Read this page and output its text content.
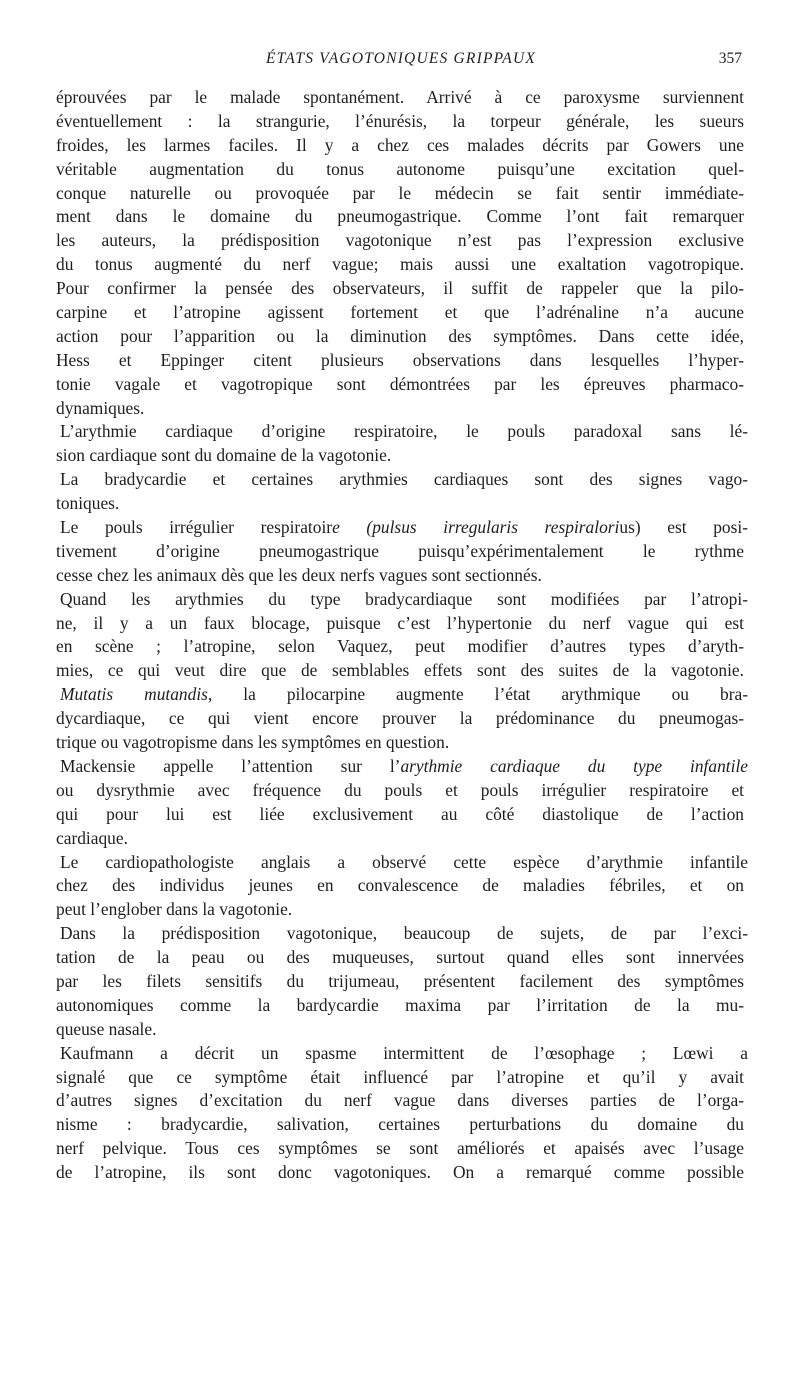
ÉTATS VAGOTONIQUES GRIPPAUX	357
éprouvées par le malade spontanément. Arrivé à ce paroxysme surviennent
éventuellement : la strangurie, l’énurésis, la torpeur générale, les sueurs
froides, les larmes faciles. Il y a chez ces malades décrits par Gowers une
véritable augmentation du tonus autonome puisqu’une excitation quel-
conque naturelle ou provoquée par le médecin se fait sentir immédiate-
ment dans le domaine du pneumogastrique. Comme l’ont fait remarquer
les auteurs, la prédisposition vagotonique n’est pas l’expression exclusive
du tonus augmenté du nerf vague; mais aussi une exaltation vagotropique.
Pour confirmer la pensée des observateurs, il suffit de rappeler que la pilo-
carpine et l’atropine agissent fortement et que l’adrénaline n’a aucune
action pour l’apparition ou la diminution des symptômes. Dans cette idée,
Hess et Eppinger citent plusieurs observations dans lesquelles l’hyper-
tonie vagale et vagotropique sont démontrées par les épreuves pharmaco-
dynamiques.
L’arythmie cardiaque d’origine respiratoire, le pouls paradoxal sans lé-
sion cardiaque sont du domaine de la vagotonie.
La bradycardie et certaines arythmies cardiaques sont des signes vago-
toniques.
Le pouls irrégulier respiratoire (pulsus irregularis respiralorius) est posi-
tivement d’origine pneumogastrique puisqu’expérimentalement le rythme
cesse chez les animaux dès que les deux nerfs vagues sont sectionnés.
Quand les arythmies du type bradycardiaque sont modifiées par l’atropi-
ne, il y a un faux blocage, puisque c’est l’hypertonie du nerf vague qui est
en scène ; l’atropine, selon Vaquez, peut modifier d’autres types d’aryth-
mies, ce qui veut dire que de semblables effets sont des suites de la vagotonie.
Mutatis mutandis, la pilocarpine augmente l’état arythmique ou bra-
dycardiaque, ce qui vient encore prouver la prédominance du pneumogas-
trique ou vagotropisme dans les symptômes en question.
Mackensie appelle l’attention sur l’arythmie cardiaque du type infantile
ou dysrythmie avec fréquence du pouls et pouls irrégulier respiratoire et
qui pour lui est liée exclusivement au côté diastolique de l’action
cardiaque.
Le cardiopathologiste anglais a observé cette espèce d’arythmie infantile
chez des individus jeunes en convalescence de maladies fébriles, et on
peut l’englober dans la vagotonie.
Dans la prédisposition vagotonique, beaucoup de sujets, de par l’exci-
tation de la peau ou des muqueuses, surtout quand elles sont innervées
par les filets sensitifs du trijumeau, présentent facilement des symptômes
autonomiques comme la bardycardie maxima par l’irritation de la mu-
queuse nasale.
Kaufmann a décrit un spasme intermittent de l’œsophage ; Lœwi a
signalé que ce symptôme était influencé par l’atropine et qu’il y avait
d’autres signes d’excitation du nerf vague dans diverses parties de l’orga-
nisme : bradycardie, salivation, certaines perturbations du domaine du
nerf pelvique. Tous ces symptômes se sont améliorés et apaisés avec l’usage
de l’atropine, ils sont donc vagotoniques. On a remarqué comme possible
